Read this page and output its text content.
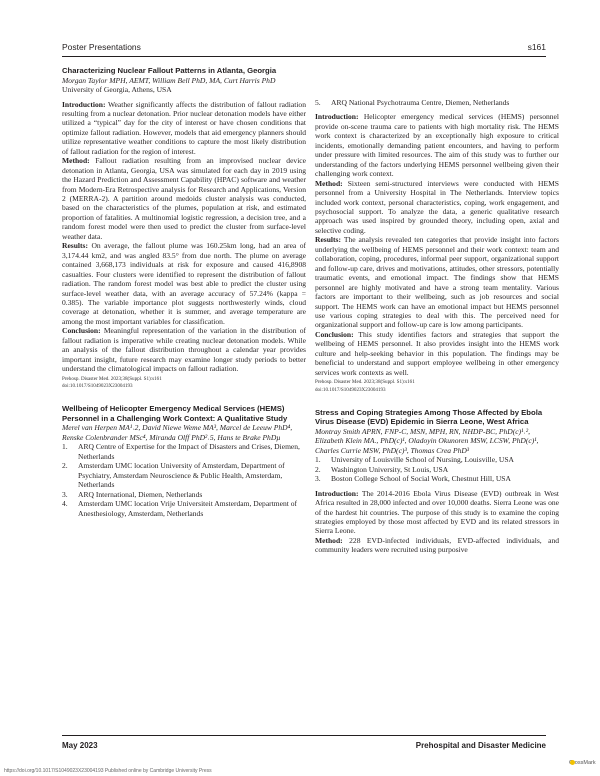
Poster Presentations	s161

Characterizing Nuclear Fallout Patterns in Atlanta, Georgia

Morgan Taylor MPH, AEMT, William Bell PhD, MA, Curt Harris PhD

University of Georgia, Athens, USA

Introduction: Weather significantly affects the distribution of fallout radiation resulting from a nuclear detonation. Prior nuclear detonation models have either utilized a “typical” day for the city of interest or have chosen conditions that optimize fallout radiation. However, models that aid emergency planners should utilize representative weather conditions to capture the most likely distribution of fallout radiation for the region of interest.

Method: Fallout radiation resulting from an improvised nuclear device detonation in Atlanta, Georgia, USA was simulated for each day in 2019 using the Hazard Prediction and Assessment Capability (HPAC) software and weather from Modern-Era Retrospective analysis for Research and Applications, Version 2 (MERRA-2). A partition around medoids cluster analysis was conducted, based on the characteristics of the plumes, population at risk, and estimated proportion of fatalities. A multinomial logistic regression, a decision tree, and a random forest model were then used to predict the cluster from surface-level weather data.

Results: On average, the fallout plume was 160.25km long, had an area of 3,174.44 km2, and was angled 83.5° from due north. The plume on average contained 3,668,173 individuals at risk for exposure and caused 416,8908 casualties. Four clusters were identified to represent the distribution of fallout radiation. The random forest model was best able to predict the cluster using surface-level weather data, with an average accuracy of 57.24% (kappa = 0.385). The variable importance plot suggests northwesterly winds, cloud coverage at detonation, whether it is summer, and average temperature are among the most important variables for classification.

Conclusion: Meaningful representation of the variation in the distribution of fallout radiation is imperative while creating nuclear detonation models. While an analysis of the fallout distribution throughout a calendar year provides important insight, future research may examine longer study periods to better understand the climatological impacts on fallout radiation.

Prehosp. Disaster Med. 2023;38(Suppl. S1):s161

doi:10.1017/S1049023X23004193

Wellbeing of Helicopter Emergency Medical Services (HEMS) Personnel in a Challenging Work Context: A Qualitative Study

Merel van Herpen MA¹˒2, David Niewe Weme MA³, Marcel de Leeuw PhD⁴, Renske Colenbrander MSc⁴, Miranda Olff PhD²˒5, Hans te Brake PhDµ

1. ARQ Centre of Expertise for the Impact of Disasters and Crises, Diemen, Netherlands
2. Amsterdam UMC location University of Amsterdam, Department of Psychiatry, Amsterdam Neuroscience & Public Health, Amsterdam, Netherlands
3. ARQ International, Diemen, Netherlands
4. Amsterdam UMC location Vrije Universiteit Amsterdam, Department of Anesthesiology, Amsterdam, Netherlands
5. ARQ National Psychotrauma Centre, Diemen, Netherlands

Introduction: Helicopter emergency medical services (HEMS) personnel provide on-scene trauma care to patients with high mortality risk. The HEMS work context is characterized by an exceptionally high exposure to critical incidents, emotionally demanding patient encounters, and having to perform under pressure with limited resources. The aim of this study was to further our understanding of the factors underlying HEMS personnel wellbeing given their challenging work context.

Method: Sixteen semi-structured interviews were conducted with HEMS personnel from a University Hospital in The Netherlands. Interview topics included work context, personal characteristics, coping, work engagement, and psychosocial support. To analyze the data, a generic qualitative research approach was used inspired by grounded theory, including open, axial and selective coding.

Results: The analysis revealed ten categories that provide insight into factors underlying the wellbeing of HEMS personnel and their work context: team and collaboration, coping, procedures, informal peer support, organizational support and follow-up care, drives and motivations, attitudes, other stressors, potentially traumatic events, and emotional impact. The findings show that HEMS personnel are highly motivated and have a strong team mentality. Various factors are important to their wellbeing, such as job resources and social support. The HEMS work can have an emotional impact but HEMS personnel use various coping strategies to deal with this. The perceived need for organizational support and follow-up care is low among participants.

Conclusion: This study identifies factors and strategies that support the wellbeing of HEMS personnel. It also provides insight into the HEMS work culture and help-seeking behavior in this population. The findings may be beneficial to understand and support employee wellbeing in other emergency services work contexts as well.

Prehosp. Disaster Med. 2023;38(Suppl. S1):s161

doi:10.1017/S1049023X23004193

Stress and Coping Strategies Among Those Affected by Ebola Virus Disease (EVD) Epidemic in Sierra Leone, West Africa

Montray Smith APRN, FNP-C, MSN, MPH, RN, NHDP-BC, PhD(c)¹˒², Elizabeth Klein MA., PhD(c)¹, Oladoyin Okunoren MSW, LCSW, PhD(c)¹, Charles Currie MSW, PhD(c)³, Thomas Crea PhD³

1. University of Louisville School of Nursing, Louisville, USA
2. Washington University, St Louis, USA
3. Boston College School of Social Work, Chestnut Hill, USA

Introduction: The 2014-2016 Ebola Virus Disease (EVD) outbreak in West Africa resulted in 28,000 infected and over 10,000 deaths. Sierra Leone was one of the hardest hit countries. The purpose of this study is to examine the coping strategies employed by those most affected by EVD and its related stressors in Sierra Leone.

Method: 228 EVD-infected individuals, EVD-affected individuals, and community leaders were recruited using purposive

May 2023	Prehospital and Disaster Medicine
https://doi.org/10.1017/S1049023X23004193 Published online by Cambridge University Press
CrossMark
